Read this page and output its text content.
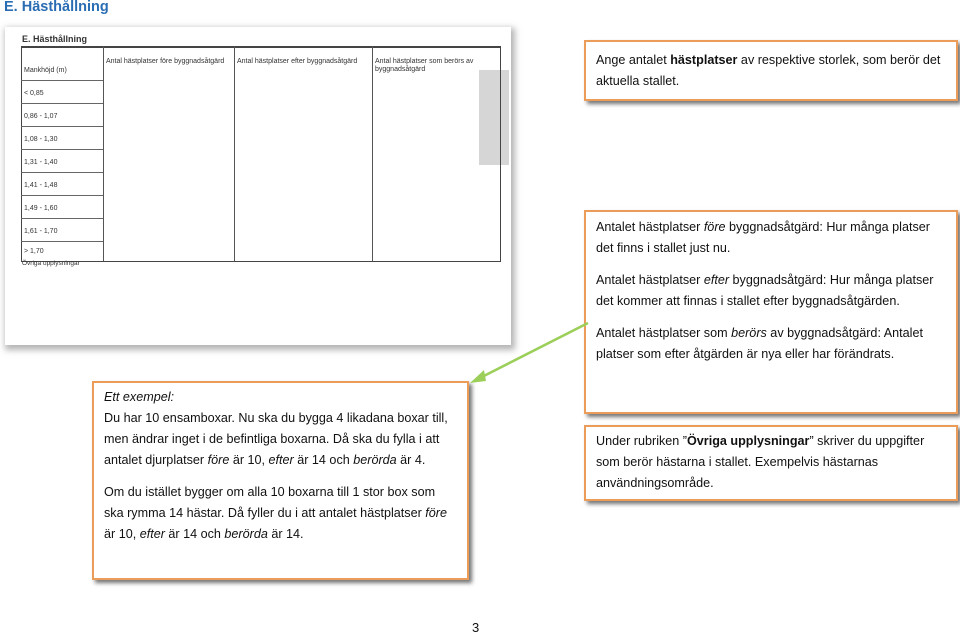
E. Hästhållning
E. Hästhållning
Mankhöjd (m)
Antal hästplatser före byggnadsåtgärd Antal hästplatser efter byggnadsåtgärd	Antal hästplatser som berörs av byggnadsåtgärd
< 0,85
0,86 - 1,07
1,08 - 1,30
1,31 - 1,40
1,41 - 1,48
1,49 - 1,60
1,61 - 1,70
> 1,70
Övriga upplysningar

Ange antalet hästplatser av respektive storlek, som berör det aktuella stallet.

Antalet hästplatser före byggnadsåtgärd: Hur många platser det finns i stallet just nu.

Antalet hästplatser efter byggnadsåtgärd: Hur många platser det kommer att finnas i stallet efter byggnadsåtgärden.

Antalet hästplatser som berörs av byggnadsåtgärd: Antalet platser som efter åtgärden är nya eller har förändrats.

Under rubriken ”Övriga upplysningar” skriver du uppgifter som berör hästarna i stallet. Exempelvis hästarnas användningsområde.

Ett exempel:

Du har 10 ensamboxar. Nu ska du bygga 4 likadana boxar till, men ändrar inget i de befintliga boxarna. Då ska du fylla i att antalet djurplatser före är 10, efter är 14 och berörda är 4.

Om du istället bygger om alla 10 boxarna till 1 stor box som ska rymma 14 hästar. Då fyller du i att antalet hästplatser före är 10, efter är 14 och berörda är 14.

3
